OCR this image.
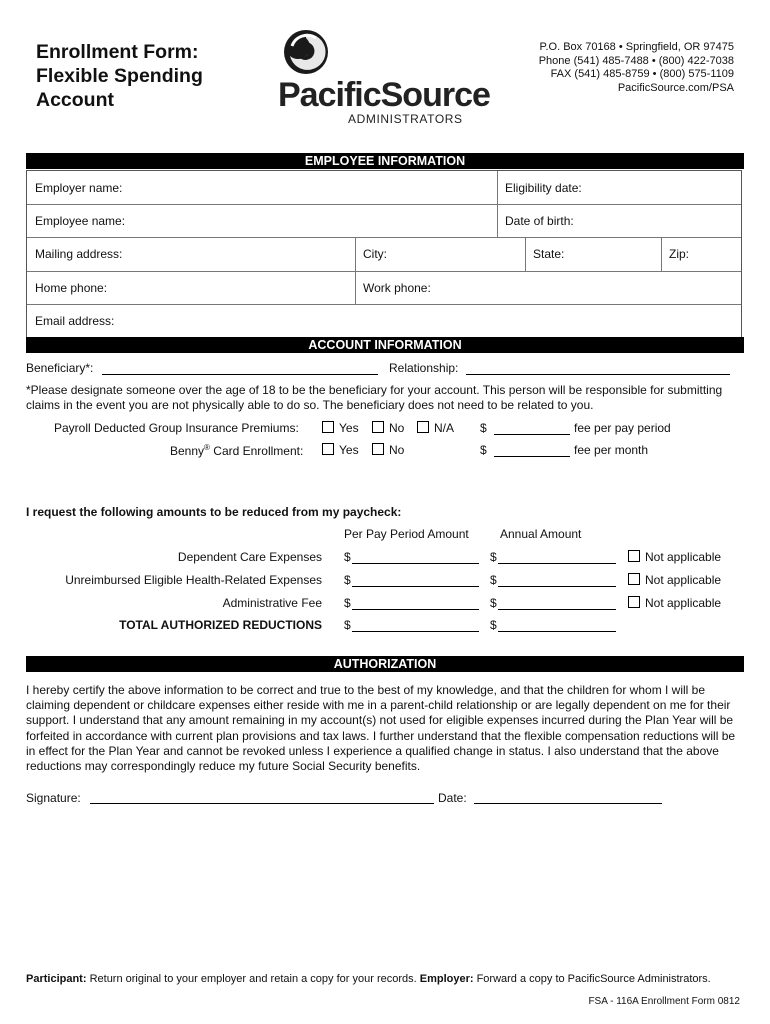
Enrollment Form:
Flexible Spending
Account	PacificSource
ADMINISTRATORS
P.O. Box 70168 • Springfield, OR 97475
Phone (541) 485-7488 • (800) 422-7038
FAX (541) 485-8759 • (800) 575-1109
PacificSource.com/PSA
EMPLOYEE INFORMATION
Employer name:	Eligibility date:
Employee name:	Date of birth:
Mailing address:	City:	State:	Zip:
Home phone:	Work phone:
Email address:
ACCOUNT INFORMATION
Beneficiary*:	Relationship:
*Please designate someone over the age of 18 to be the beneficiary for your account. This person will be responsible for submitting claims in the event you are not physically able to do so. The beneficiary does not need to be related to you.
Payroll Deducted Group Insurance Premiums:	Yes	No	N/A $	fee per pay period
Benny® Card Enrollment:	Yes	No	$	fee per month
I request the following amounts to be reduced from my paycheck:
Per Pay Period Amount	Annual Amount
Dependent Care Expenses $	$	Not applicable
Unreimbursed Eligible Health-Related Expenses $	$	Not applicable
Administrative Fee $	$	Not applicable
TOTAL AUTHORIZED REDUCTIONS $	$
AUTHORIZATION
I hereby certify the above information to be correct and true to the best of my knowledge, and that the children for whom I will be claiming dependent or childcare expenses either reside with me in a parent-child relationship or are legally dependent on me for their support. I understand that any amount remaining in my account(s) not used for eligible expenses incurred during the Plan Year will be forfeited in accordance with current plan provisions and tax laws. I further understand that the flexible compensation reductions will be in effect for the Plan Year and cannot be revoked unless I experience a qualified change in status. I also understand that the above reductions may correspondingly reduce my future Social Security benefits.
Signature:	Date:
Participant: Return original to your employer and retain a copy for your records. Employer: Forward a copy to PacificSource Administrators.
FSA - 116A Enrollment Form 0812
